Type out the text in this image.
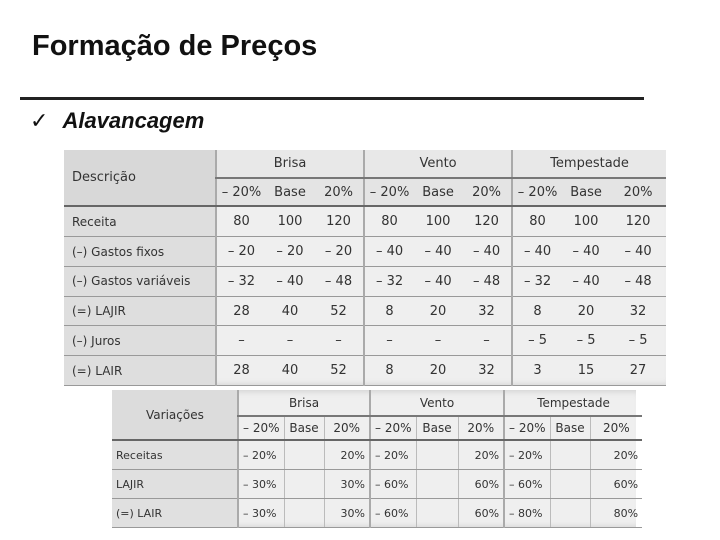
Formação de Preços
✓ Alavancagem
Descrição	Brisa			Vento			Tempestade		
	– 20%	Base	20%	– 20%	Base	20%	– 20%	Base	20%
Receita	80	100	120	80	100	120	80	100	120
(–) Gastos fixos	– 20	– 20	– 20	– 40	– 40	– 40	– 40	– 40	– 40
(–) Gastos variáveis	– 32	– 40	– 48	– 32	– 40	– 48	– 32	– 40	– 48
(=) LAJIR	28	40	52	8	20	32	8	20	32
(–) Juros	–	–	–	–	–	–	– 5	– 5	– 5
(=) LAIR	28	40	52	8	20	32	3	15	27
Variações	Brisa			Vento			Tempestade		
	– 20%	Base	20%	– 20%	Base	20%	– 20%	Base	20%
Receitas	– 20%		20%	– 20%		20%	– 20%		20%
LAJIR	– 30%		30%	– 60%		60%	– 60%		60%
(=) LAIR	– 30%		30%	– 60%		60%	– 80%		80%
